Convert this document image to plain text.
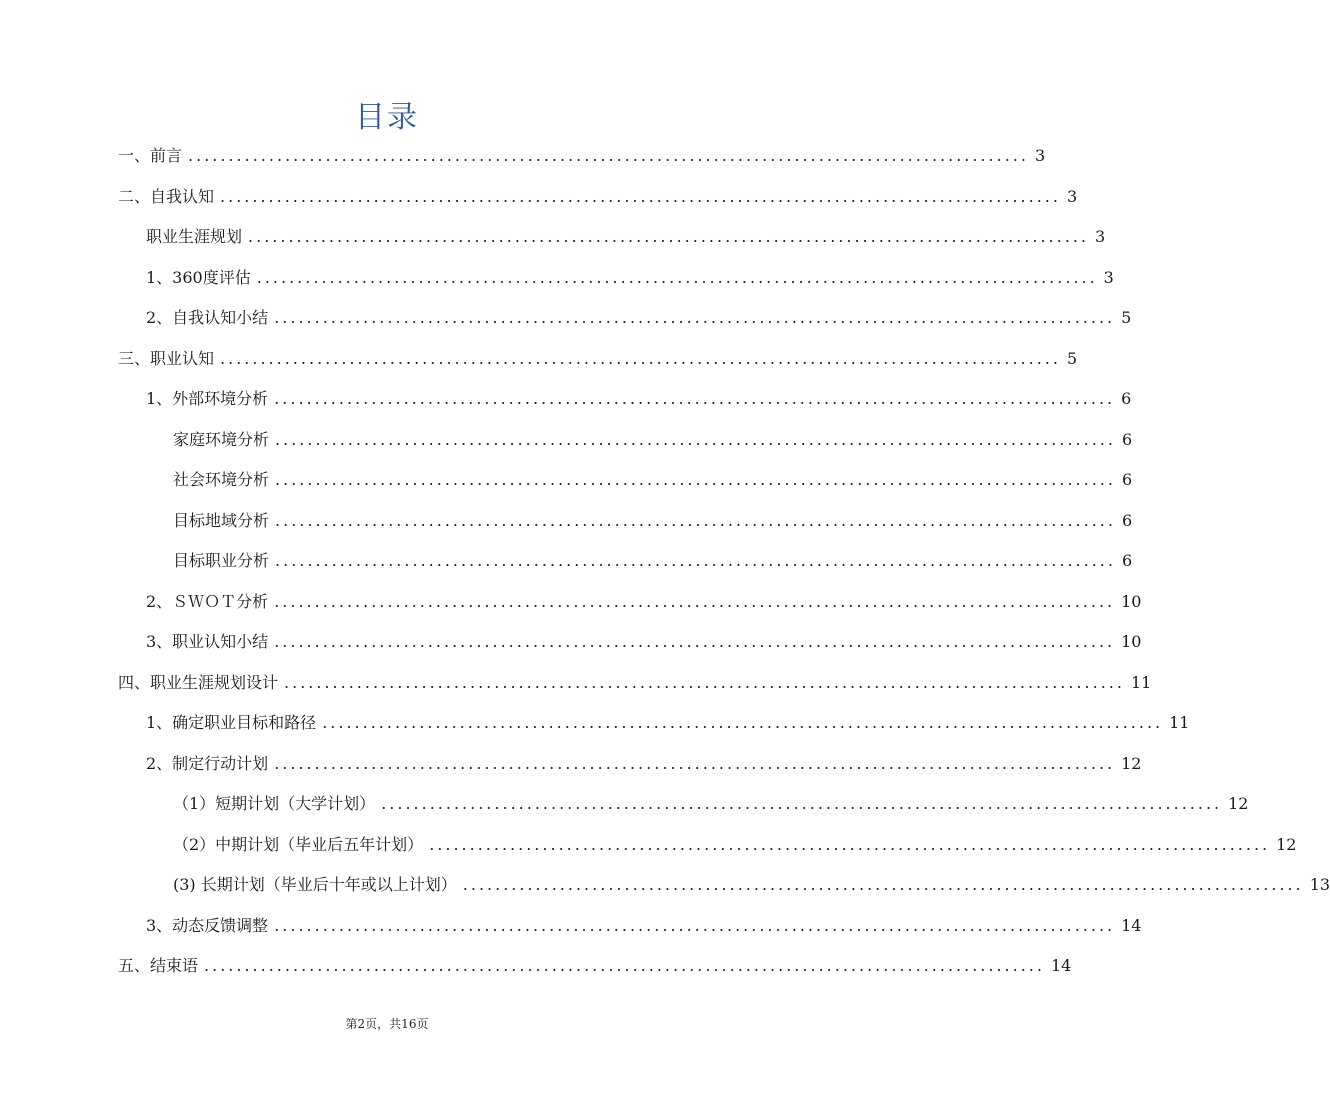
目录
一、 前言 ........................................................................................................ 3
二、 自我认知 ........................................................................................................ 3
职业生涯规划 ........................................................................................................ 3
1、360度评估 ........................................................................................................ 3
2、自我认知小结 ........................................................................................................ 5
三、 职业认知 ........................................................................................................ 5
1、外部环境分析 ........................................................................................................ 6
家庭环境分析 ........................................................................................................ 6
社会环境分析 ........................................................................................................ 6
目标地域分析 ........................................................................................................ 6
目标职业分析 ........................................................................................................ 6
2、ＳＷＯＴ分析 ........................................................................................................ 10
3、职业认知小结 ........................................................................................................ 10
四、 职业生涯规划设计 ........................................................................................................ 11
1、确定职业目标和路径 ........................................................................................................ 11
2、制定行动计划 ........................................................................................................ 12
（1）短期计划（大学计划） ........................................................................................................ 12
（2）中期计划（毕业后五年计划） ........................................................................................................ 12
(3) 长期计划（毕业后十年或以上计划） ........................................................................................................ 13
3、动态反馈调整 ........................................................................................................ 14
五、 结束语 ........................................................................................................ 14
第2页，共16页
